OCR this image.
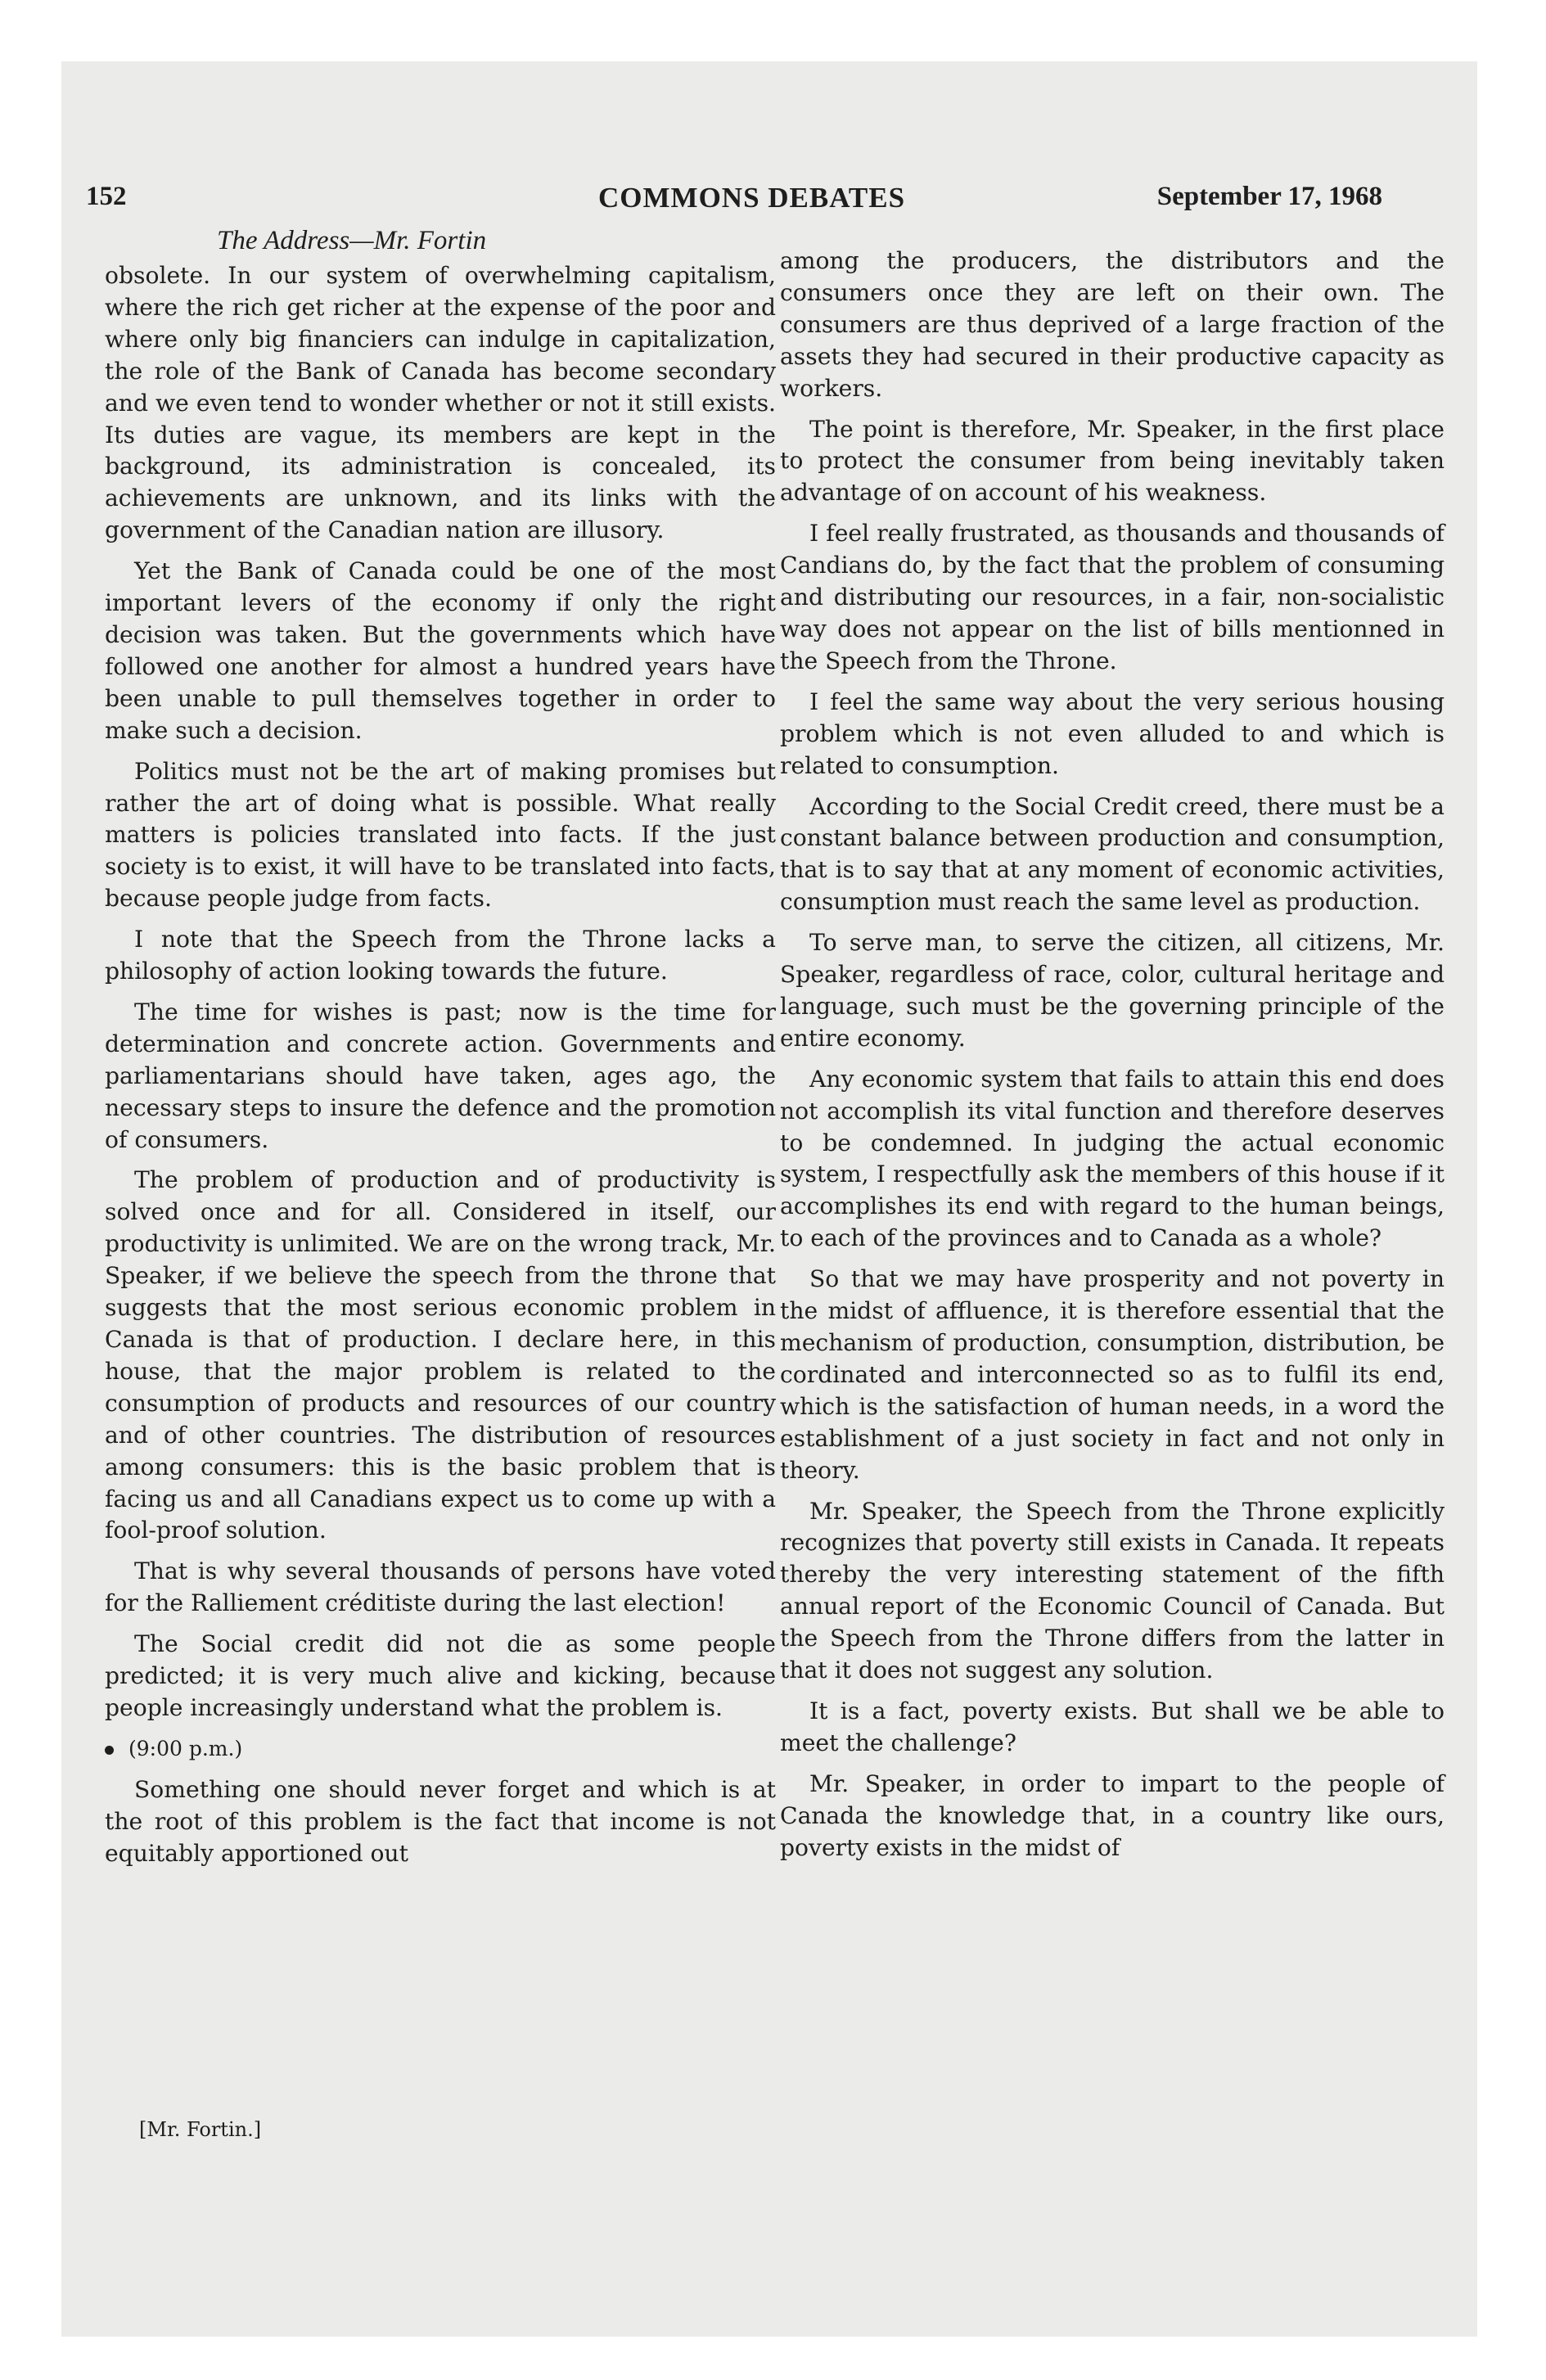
152	COMMONS DEBATES	September 17, 1968
The Address—Mr. Fortin

obsolete. In our system of overwhelming capitalism, where the rich get richer at the expense of the poor and where only big financiers can indulge in capitalization, the role of the Bank of Canada has become secondary and we even tend to wonder whether or not it still exists. Its duties are vague, its members are kept in the background, its administration is concealed, its achievements are unknown, and its links with the government of the Canadian nation are illusory.

Yet the Bank of Canada could be one of the most important levers of the economy if only the right decision was taken. But the governments which have followed one another for almost a hundred years have been unable to pull themselves together in order to make such a decision.

Politics must not be the art of making promises but rather the art of doing what is possible. What really matters is policies translated into facts. If the just society is to exist, it will have to be translated into facts, because people judge from facts.

I note that the Speech from the Throne lacks a philosophy of action looking towards the future.

The time for wishes is past; now is the time for determination and concrete action. Governments and parliamentarians should have taken, ages ago, the necessary steps to insure the defence and the promotion of consumers.

The problem of production and of productivity is solved once and for all. Considered in itself, our productivity is unlimited. We are on the wrong track, Mr. Speaker, if we believe the speech from the throne that suggests that the most serious economic problem in Canada is that of production. I declare here, in this house, that the major problem is related to the consumption of products and resources of our country and of other countries. The distribution of resources among consumers: this is the basic problem that is facing us and all Canadians expect us to come up with a fool-proof solution.

That is why several thousands of persons have voted for the Ralliement créditiste during the last election!

The Social credit did not die as some people predicted; it is very much alive and kicking, because people increasingly understand what the problem is.

(9:00 p.m.)

Something one should never forget and which is at the root of this problem is the fact that income is not equitably apportioned out

[Mr. Fortin.]

among the producers, the distributors and the consumers once they are left on their own. The consumers are thus deprived of a large fraction of the assets they had secured in their productive capacity as workers.

The point is therefore, Mr. Speaker, in the first place to protect the consumer from being inevitably taken advantage of on account of his weakness.

I feel really frustrated, as thousands and thousands of Candians do, by the fact that the problem of consuming and distributing our resources, in a fair, non-socialistic way does not appear on the list of bills mentionned in the Speech from the Throne.

I feel the same way about the very serious housing problem which is not even alluded to and which is related to consumption.

According to the Social Credit creed, there must be a constant balance between production and consumption, that is to say that at any moment of economic activities, consumption must reach the same level as production.

To serve man, to serve the citizen, all citizens, Mr. Speaker, regardless of race, color, cultural heritage and language, such must be the governing principle of the entire economy.

Any economic system that fails to attain this end does not accomplish its vital function and therefore deserves to be condemned. In judging the actual economic system, I respectfully ask the members of this house if it accomplishes its end with regard to the human beings, to each of the provinces and to Canada as a whole?

So that we may have prosperity and not poverty in the midst of affluence, it is therefore essential that the mechanism of production, consumption, distribution, be cordinated and interconnected so as to fulfil its end, which is the satisfaction of human needs, in a word the establishment of a just society in fact and not only in theory.

Mr. Speaker, the Speech from the Throne explicitly recognizes that poverty still exists in Canada. It repeats thereby the very interesting statement of the fifth annual report of the Economic Council of Canada. But the Speech from the Throne differs from the latter in that it does not suggest any solution.

It is a fact, poverty exists. But shall we be able to meet the challenge?

Mr. Speaker, in order to impart to the people of Canada the knowledge that, in a country like ours, poverty exists in the midst of
